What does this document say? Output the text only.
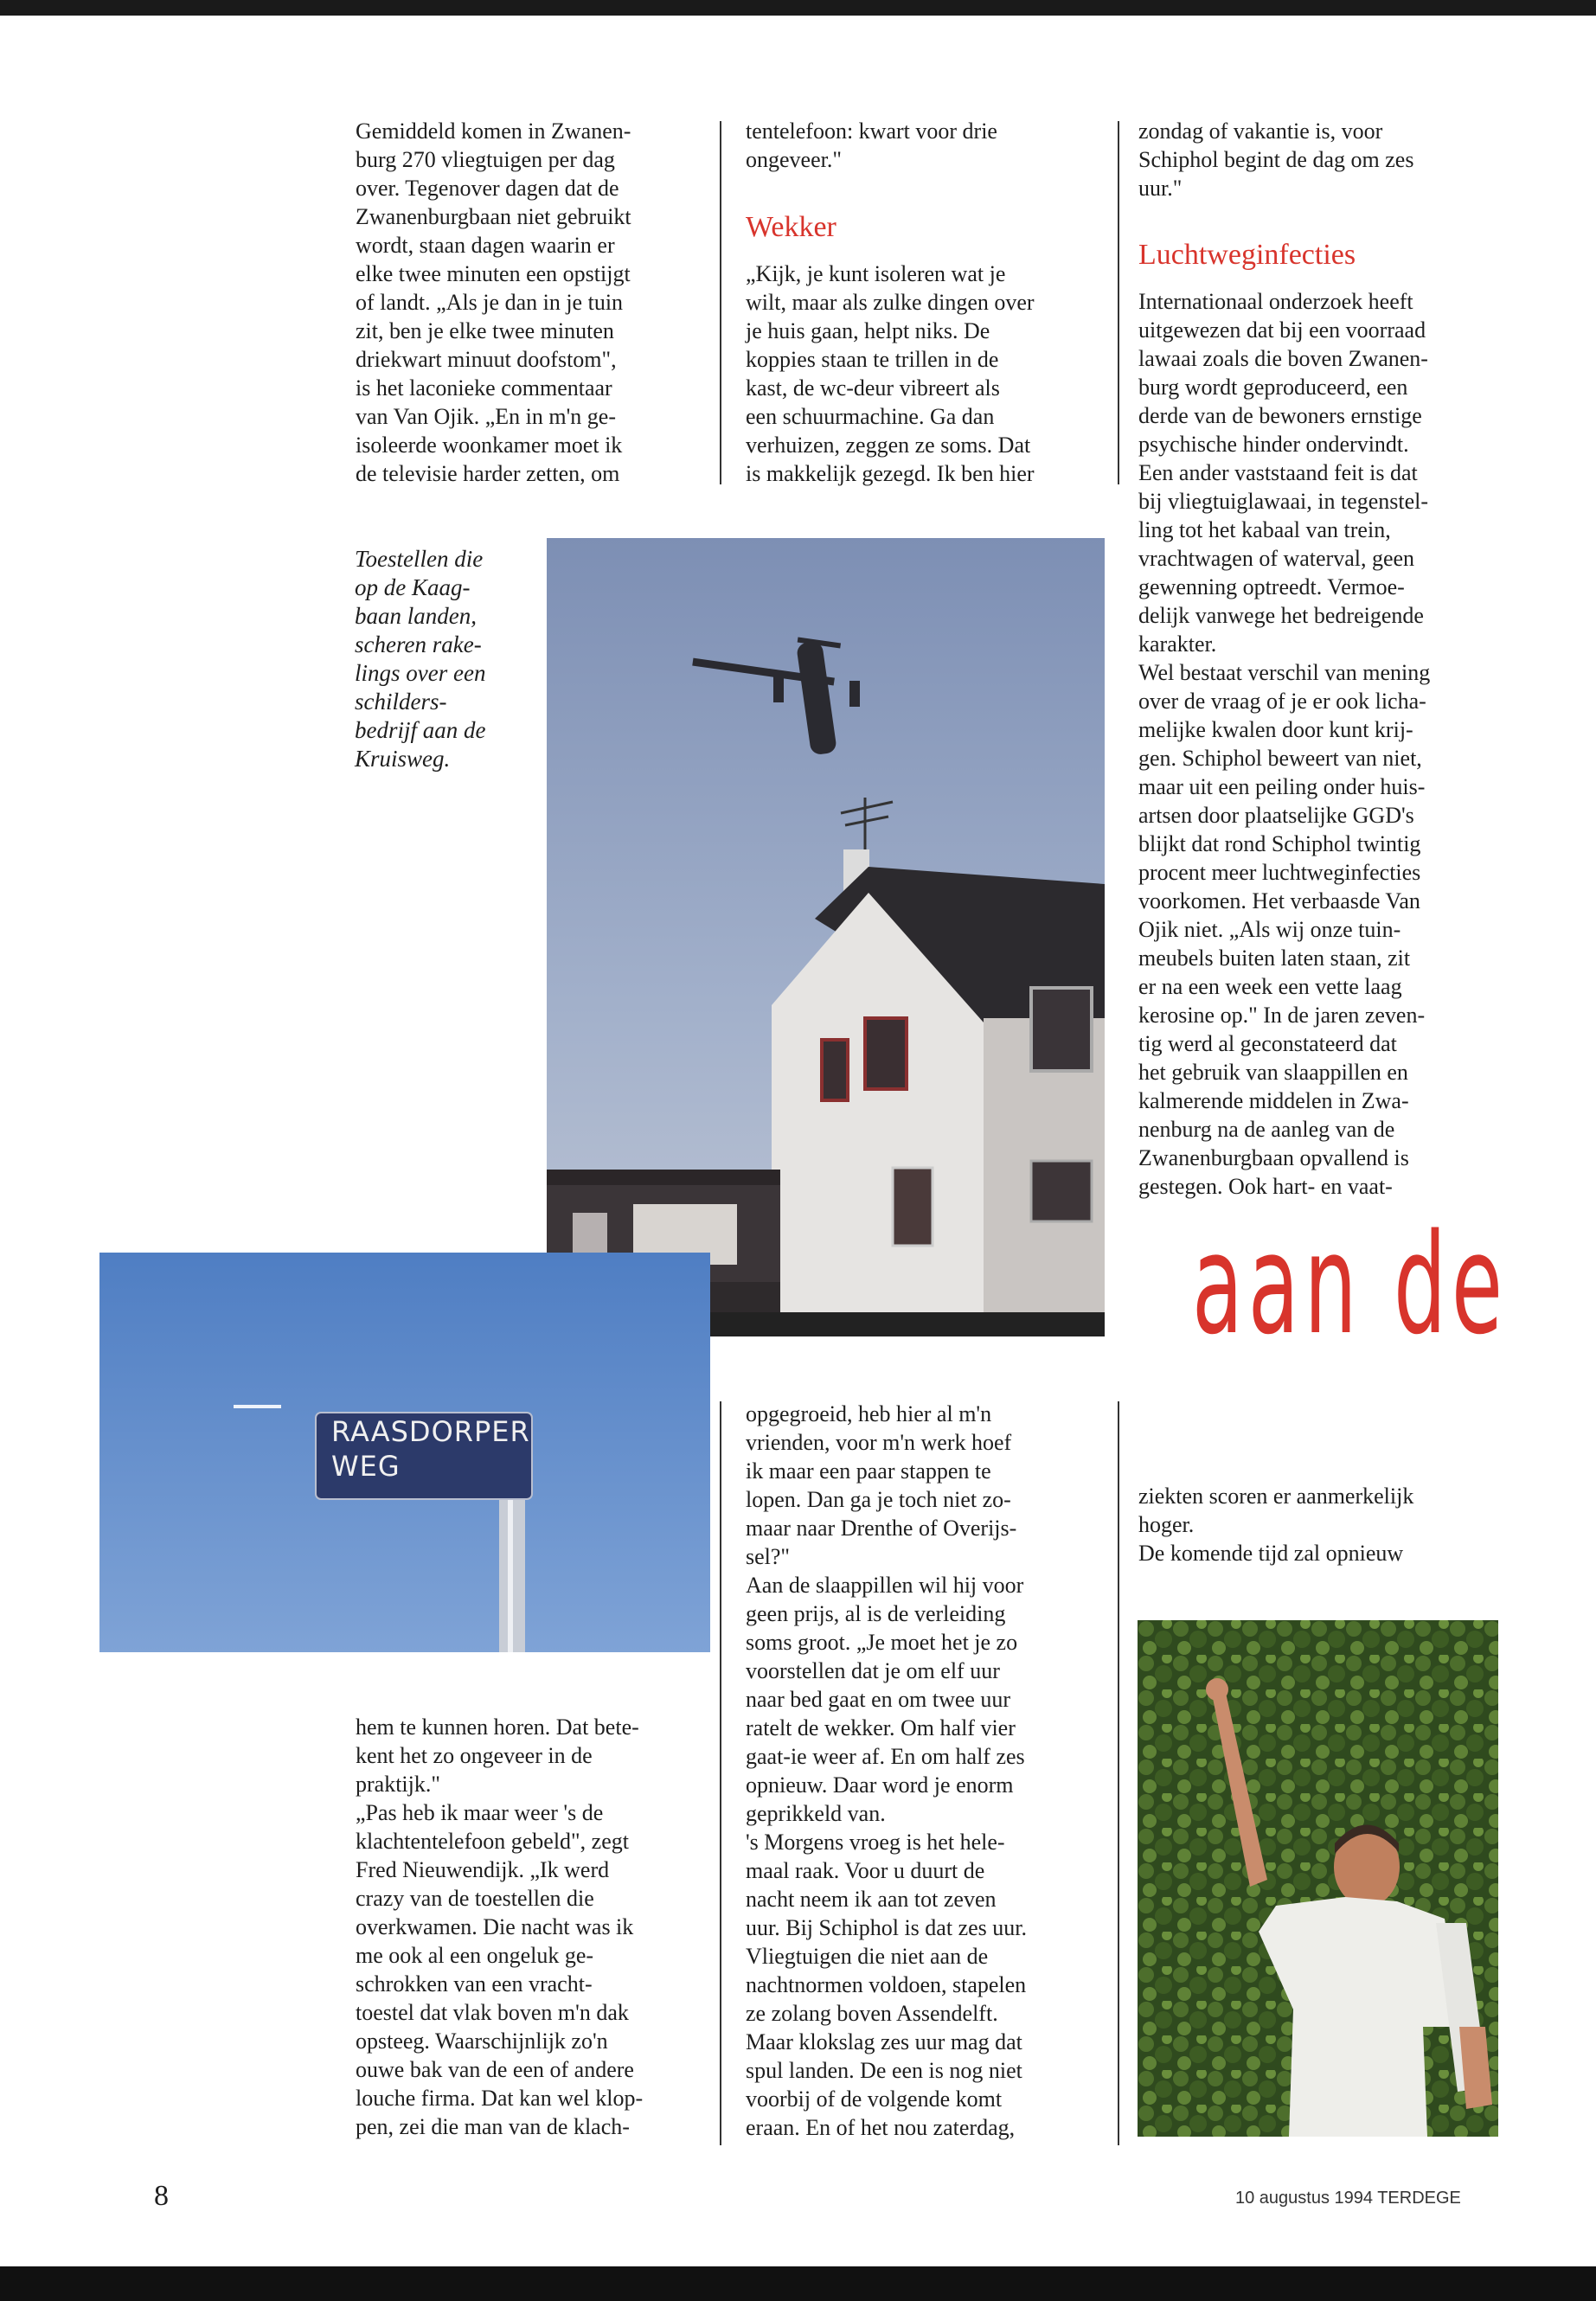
Gemiddeld komen in Zwanen-
burg 270 vliegtuigen per dag
over. Tegenover dagen dat de
Zwanenburgbaan niet gebruikt
wordt, staan dagen waarin er
elke twee minuten een opstijgt
of landt. „Als je dan in je tuin
zit, ben je elke twee minuten
driekwart minuut doofstom",
is het laconieke commentaar
van Van Ojik. „En in m'n ge-
isoleerde woonkamer moet ik
de televisie harder zetten, om
tentelefoon: kwart voor drie
ongeveer."
Wekker
„Kijk, je kunt isoleren wat je
wilt, maar als zulke dingen over
je huis gaan, helpt niks. De
koppies staan te trillen in de
kast, de wc-deur vibreert als
een schuurmachine. Ga dan
verhuizen, zeggen ze soms. Dat
is makkelijk gezegd. Ik ben hier
zondag of vakantie is, voor
Schiphol begint de dag om zes
uur."
Luchtweginfecties
Internationaal onderzoek heeft
uitgewezen dat bij een voorraad
lawaai zoals die boven Zwanen-
burg wordt geproduceerd, een
derde van de bewoners ernstige
psychische hinder ondervindt.
Een ander vaststaand feit is dat
bij vliegtuiglawaai, in tegenstel-
ling tot het kabaal van trein,
vrachtwagen of waterval, geen
gewenning optreedt. Vermoe-
delijk vanwege het bedreigende
karakter.
Wel bestaat verschil van mening
over de vraag of je er ook licha-
melijke kwalen door kunt krij-
gen. Schiphol beweert van niet,
maar uit een peiling onder huis-
artsen door plaatselijke GGD's
blijkt dat rond Schiphol twintig
procent meer luchtweginfecties
voorkomen. Het verbaasde Van
Ojik niet. „Als wij onze tuin-
meubels buiten laten staan, zit
er na een week een vette laag
kerosine op." In de jaren zeven-
tig werd al geconstateerd dat
het gebruik van slaappillen en
kalmerende middelen in Zwa-
nenburg na de aanleg van de
Zwanenburgbaan opvallend is
gestegen. Ook hart- en vaat-
Toestellen die
op de Kaag-
baan landen,
scheren rake-
lings over een
schilders-
bedrijf aan de
Kruisweg.
RAASDORPER
WEG
aan de
ziekten scoren er aanmerkelijk
hoger.
De komende tijd zal opnieuw
hem te kunnen horen. Dat bete-
kent het zo ongeveer in de
praktijk."
„Pas heb ik maar weer 's de
klachtentelefoon gebeld", zegt
Fred Nieuwendijk. „Ik werd
crazy van de toestellen die
overkwamen. Die nacht was ik
me ook al een ongeluk ge-
schrokken van een vracht-
toestel dat vlak boven m'n dak
opsteeg. Waarschijnlijk zo'n
ouwe bak van de een of andere
louche firma. Dat kan wel klop-
pen, zei die man van de klach-
opgegroeid, heb hier al m'n
vrienden, voor m'n werk hoef
ik maar een paar stappen te
lopen. Dan ga je toch niet zo-
maar naar Drenthe of Overijs-
sel?"
Aan de slaappillen wil hij voor
geen prijs, al is de verleiding
soms groot. „Je moet het je zo
voorstellen dat je om elf uur
naar bed gaat en om twee uur
ratelt de wekker. Om half vier
gaat-ie weer af. En om half zes
opnieuw. Daar word je enorm
geprikkeld van.
's Morgens vroeg is het hele-
maal raak. Voor u duurt de
nacht neem ik aan tot zeven
uur. Bij Schiphol is dat zes uur.
Vliegtuigen die niet aan de
nachtnormen voldoen, stapelen
ze zolang boven Assendelft.
Maar klokslag zes uur mag dat
spul landen. De een is nog niet
voorbij of de volgende komt
eraan. En of het nou zaterdag,
8	10 augustus 1994 TERDEGE
